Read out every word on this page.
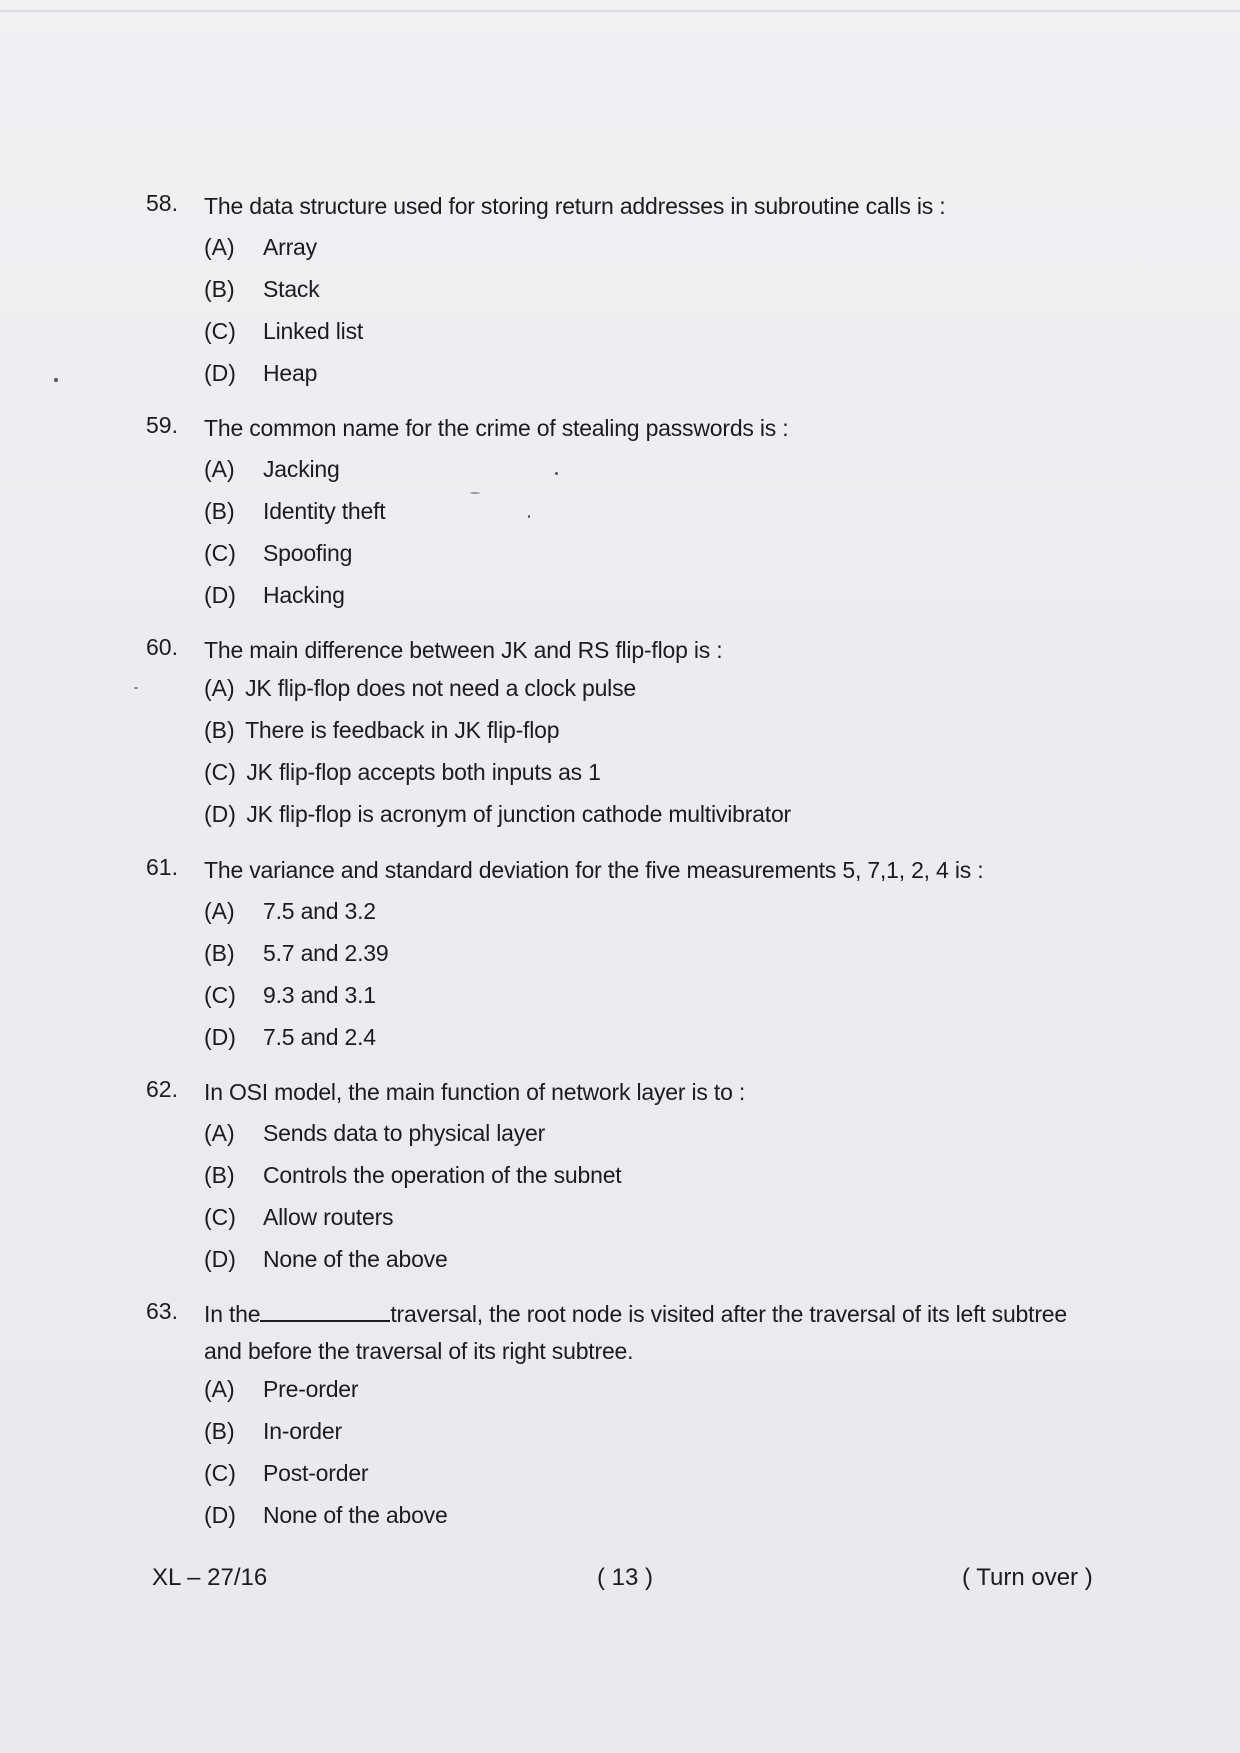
58. The data structure used for storing return addresses in subroutine calls is :
(A) Array
(B) Stack
(C) Linked list
(D) Heap
59. The common name for the crime of stealing passwords is :
(A) Jacking
(B) Identity theft
(C) Spoofing
(D) Hacking
60. The main difference between JK and RS flip-flop is :
(A) JK flip-flop does not need a clock pulse
(B) There is feedback in JK flip-flop
(C) JK flip-flop accepts both inputs as 1
(D) JK flip-flop is acronym of junction cathode multivibrator
61. The variance and standard deviation for the five measurements 5, 7,1, 2, 4 is :
(A) 7.5 and 3.2
(B) 5.7 and 2.39
(C) 9.3 and 3.1
(D) 7.5 and 2.4
62. In OSI model, the main function of network layer is to :
(A) Sends data to physical layer
(B) Controls the operation of the subnet
(C) Allow routers
(D) None of the above
63. In the	traversal, the root node is visited after the traversal of its left subtree
and before the traversal of its right subtree.
(A) Pre-order
(B) In-order
(C) Post-order
(D) None of the above
XL – 27/16	( 13 )	( Turn over )
